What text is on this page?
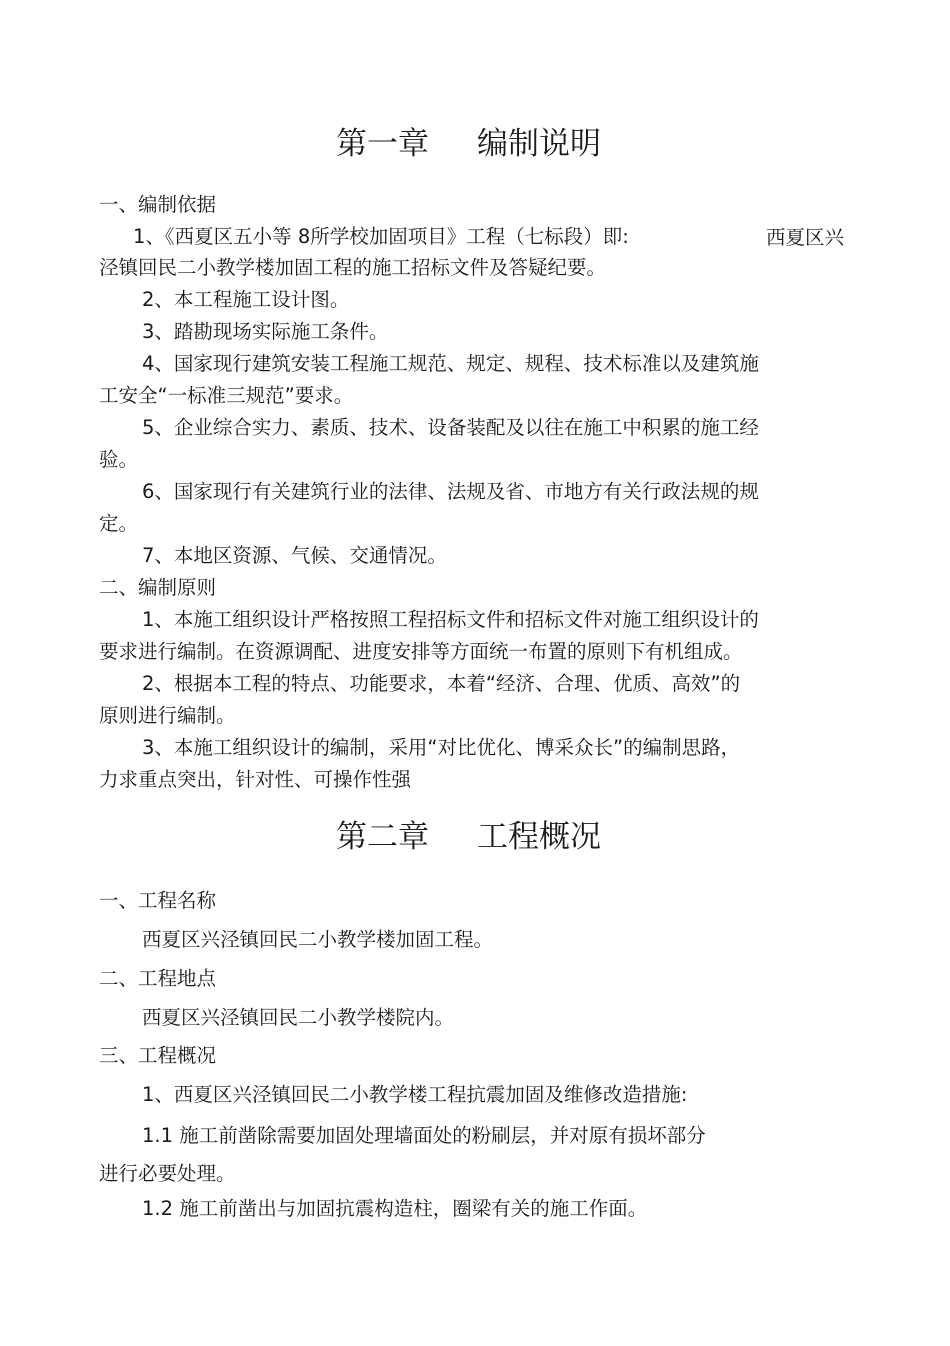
第一章 编制说明
一、编制依据
1、《西夏区五小等 8所学校加固项目》工程（七标段）即:	西夏区兴
泾镇回民二小教学楼加固工程的施工招标文件及答疑纪要。
2、本工程施工设计图。
3、踏勘现场实际施工条件。
4、国家现行建筑安装工程施工规范、规定、规程、技术标准以及建筑施
工安全“一标准三规范”要求。
5、企业综合实力、素质、技术、设备装配及以往在施工中积累的施工经
验。
6、国家现行有关建筑行业的法律、法规及省、市地方有关行政法规的规
定。
7、本地区资源、气候、交通情况。
二、编制原则
1、本施工组织设计严格按照工程招标文件和招标文件对施工组织设计的
要求进行编制。在资源调配、进度安排等方面统一布置的原则下有机组成。
2、根据本工程的特点、功能要求，本着“经济、合理、优质、高效”的
原则进行编制。
3、本施工组织设计的编制，采用“对比优化、博采众长”的编制思路，
力求重点突出，针对性、可操作性强
第二章 工程概况
一、工程名称
西夏区兴泾镇回民二小教学楼加固工程。
二、工程地点
西夏区兴泾镇回民二小教学楼院内。
三、工程概况
1、西夏区兴泾镇回民二小教学楼工程抗震加固及维修改造措施:
1.1 施工前凿除需要加固处理墙面处的粉刷层，并对原有损坏部分
进行必要处理。
1.2 施工前凿出与加固抗震构造柱，圈梁有关的施工作面。
